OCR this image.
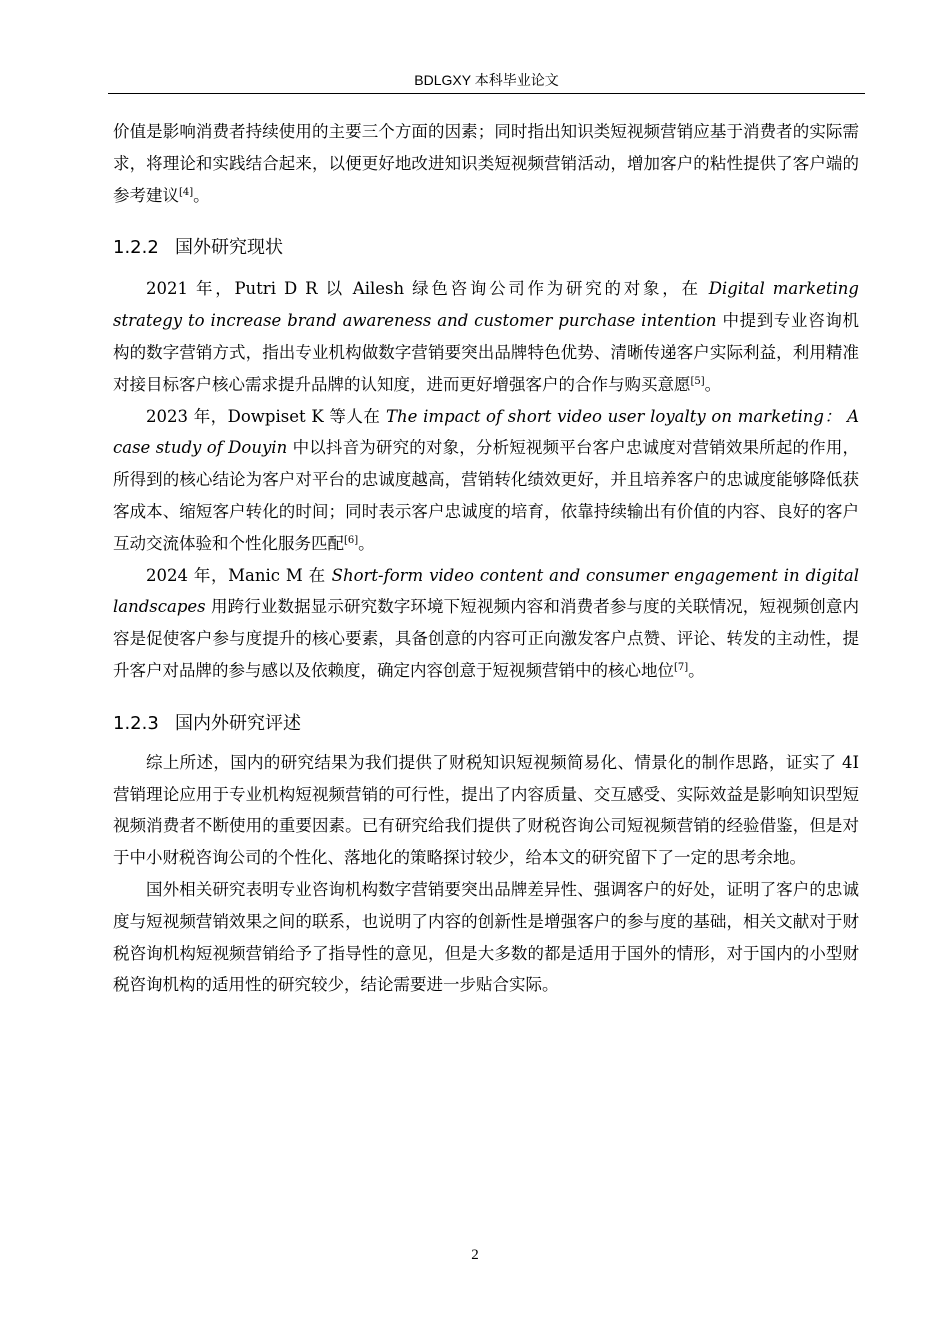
BDLGXY 本科毕业论文

价值是影响消费者持续使用的主要三个方面的因素；同时指出知识类短视频营销应基于消费者的实际需求，将理论和实践结合起来，以便更好地改进知识类短视频营销活动，增加客户的粘性提供了客户端的参考建议[4]。

1.2.2 国外研究现状

2021 年，Putri D R 以 Ailesh 绿色咨询公司作为研究的对象，在 Digital marketing strategy to increase brand awareness and customer purchase intention 中提到专业咨询机构的数字营销方式，指出专业机构做数字营销要突出品牌特色优势、清晰传递客户实际利益，利用精准对接目标客户核心需求提升品牌的认知度，进而更好增强客户的合作与购买意愿[5]。

2023 年，Dowpiset K 等人在 The impact of short video user loyalty on marketing： A case study of Douyin 中以抖音为研究的对象，分析短视频平台客户忠诚度对营销效果所起的作用，所得到的核心结论为客户对平台的忠诚度越高，营销转化绩效更好，并且培养客户的忠诚度能够降低获客成本、缩短客户转化的时间；同时表示客户忠诚度的培育，依靠持续输出有价值的内容、良好的客户互动交流体验和个性化服务匹配[6]。

2024 年，Manic M 在 Short-form video content and consumer engagement in digital landscapes 用跨行业数据显示研究数字环境下短视频内容和消费者参与度的关联情况，短视频创意内容是促使客户参与度提升的核心要素，具备创意的内容可正向激发客户点赞、评论、转发的主动性，提升客户对品牌的参与感以及依赖度，确定内容创意于短视频营销中的核心地位[7]。

1.2.3 国内外研究评述

综上所述，国内的研究结果为我们提供了财税知识短视频简易化、情景化的制作思路，证实了 4I 营销理论应用于专业机构短视频营销的可行性，提出了内容质量、交互感受、实际效益是影响知识型短视频消费者不断使用的重要因素。已有研究给我们提供了财税咨询公司短视频营销的经验借鉴，但是对于中小财税咨询公司的个性化、落地化的策略探讨较少，给本文的研究留下了一定的思考余地。

国外相关研究表明专业咨询机构数字营销要突出品牌差异性、强调客户的好处，证明了客户的忠诚度与短视频营销效果之间的联系，也说明了内容的创新性是增强客户的参与度的基础，相关文献对于财税咨询机构短视频营销给予了指导性的意见，但是大多数的都是适用于国外的情形，对于国内的小型财税咨询机构的适用性的研究较少，结论需要进一步贴合实际。

2
